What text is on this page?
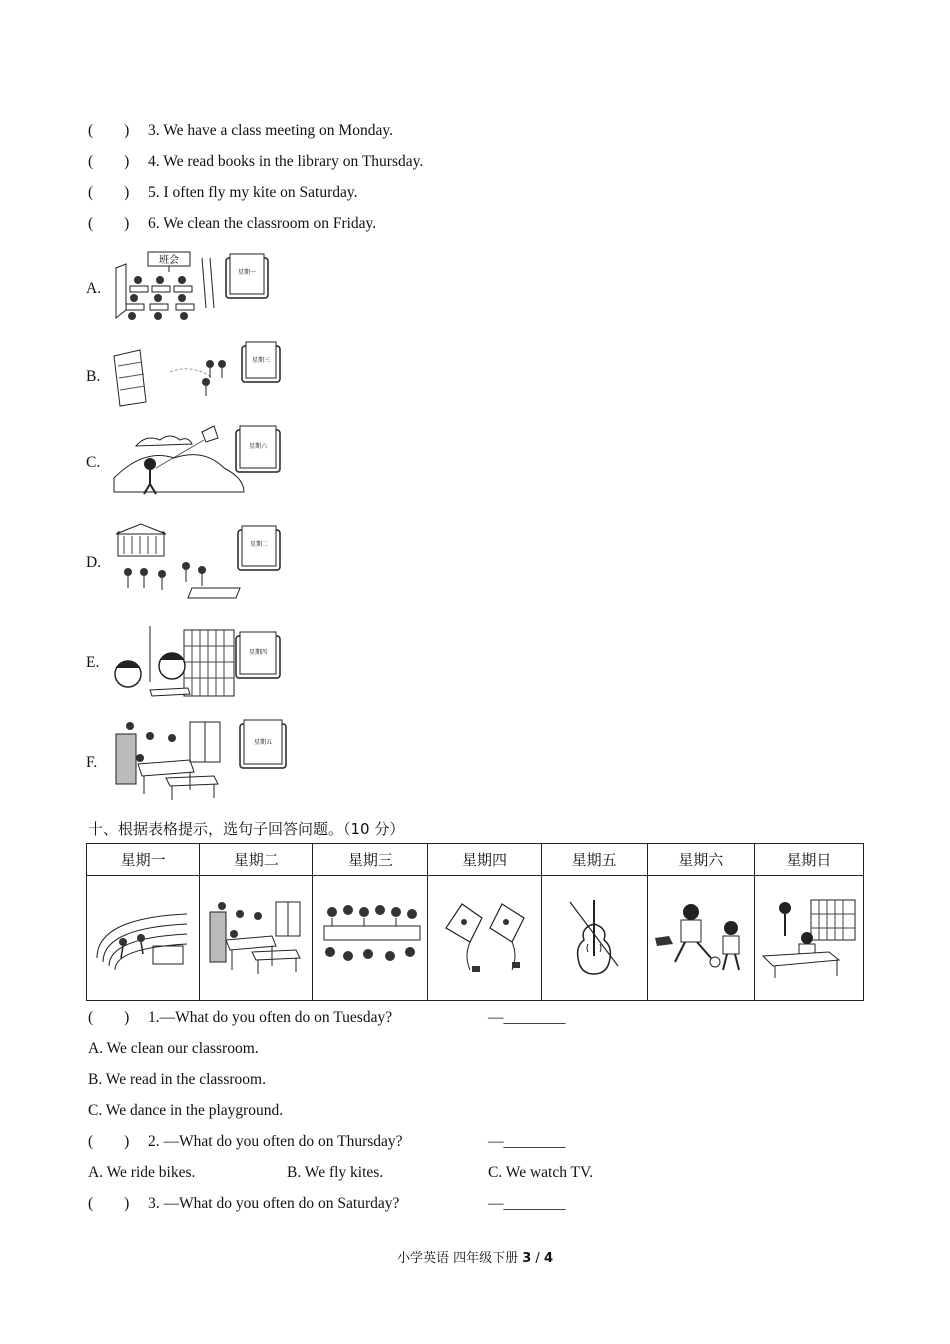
(　　) 3. We have a class meeting on Monday.
(　　) 4. We read books in the library on Thursday.
(　　) 5. I often fly my kite on Saturday.
(　　) 6. We clean the classroom on Friday.
A.
班会
星期一
B.
星期三
C.
星期六
D.
星期二
E.
星期四
F.
星期五
十、根据表格提示，选句子回答问题。（10 分）
星期一	星期二	星期三	星期四	星期五	星期六	星期日

(　　) 1.—What do you often do on Tuesday?	—________
A. We clean our classroom.
B. We read in the classroom.
C. We dance in the playground.
(　　) 2. —What do you often do on Thursday?	—________
A. We ride bikes.	B. We fly kites.	C. We watch TV.
(　　) 3. —What do you often do on Saturday?	—________
小学英语 四年级下册 3 / 4
